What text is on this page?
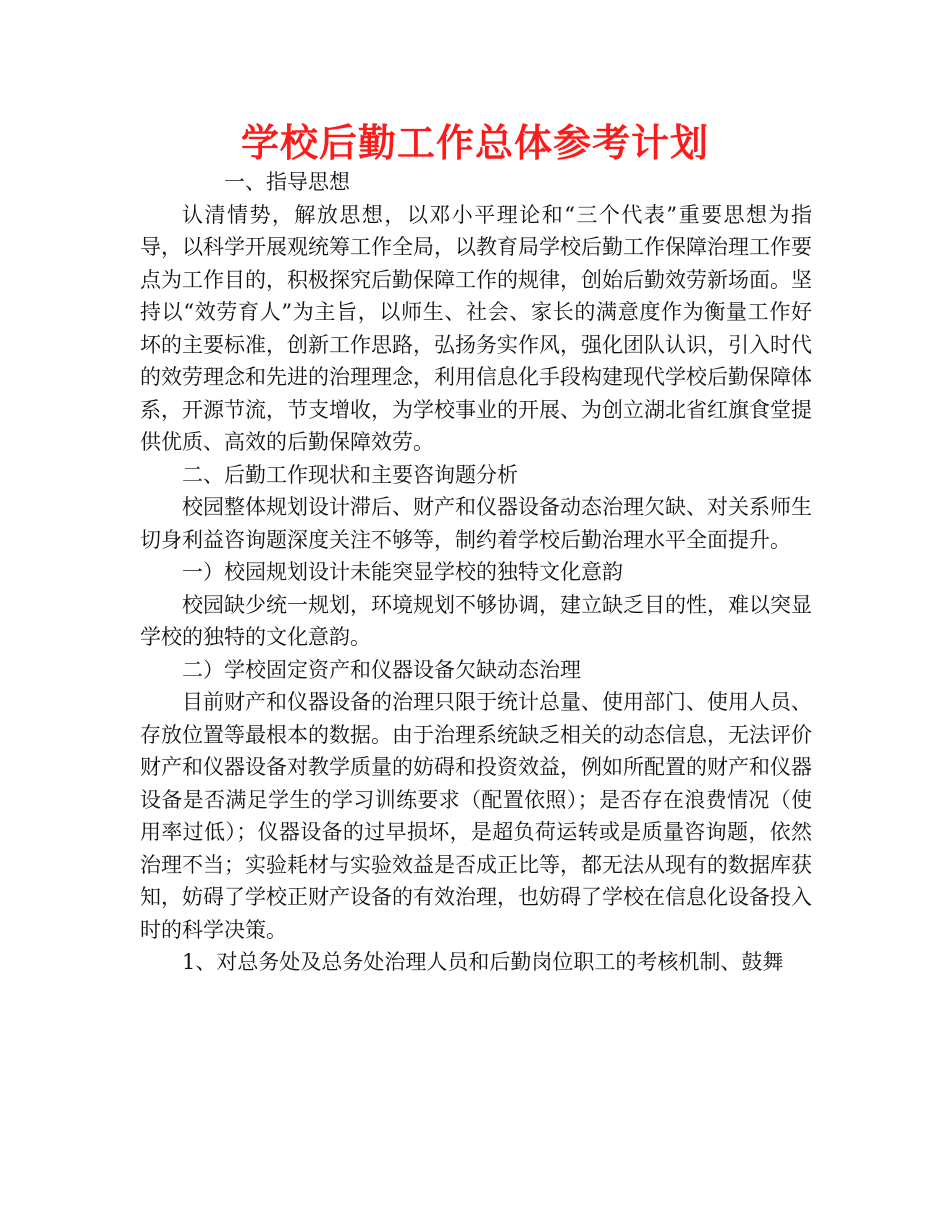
学校后勤工作总体参考计划

一、指导思想

认清情势，解放思想，以邓小平理论和“三个代表”重要思想为指导，以科学开展观统筹工作全局，以教育局学校后勤工作保障治理工作要点为工作目的，积极探究后勤保障工作的规律，创始后勤效劳新场面。坚持以“效劳育人”为主旨，以师生、社会、家长的满意度作为衡量工作好坏的主要标准，创新工作思路，弘扬务实作风，强化团队认识，引入时代的效劳理念和先进的治理理念，利用信息化手段构建现代学校后勤保障体系，开源节流，节支增收，为学校事业的开展、为创立湖北省红旗食堂提供优质、高效的后勤保障效劳。

二、后勤工作现状和主要咨询题分析

校园整体规划设计滞后、财产和仪器设备动态治理欠缺、对关系师生切身利益咨询题深度关注不够等，制约着学校后勤治理水平全面提升。

一）校园规划设计未能突显学校的独特文化意韵

校园缺少统一规划，环境规划不够协调，建立缺乏目的性，难以突显学校的独特的文化意韵。

二）学校固定资产和仪器设备欠缺动态治理

目前财产和仪器设备的治理只限于统计总量、使用部门、使用人员、存放位置等最根本的数据。由于治理系统缺乏相关的动态信息，无法评价财产和仪器设备对教学质量的妨碍和投资效益，例如所配置的财产和仪器设备是否满足学生的学习训练要求（配置依照）；是否存在浪费情况（使用率过低）；仪器设备的过早损坏，是超负荷运转或是质量咨询题，依然治理不当；实验耗材与实验效益是否成正比等，都无法从现有的数据库获知，妨碍了学校正财产设备的有效治理，也妨碍了学校在信息化设备投入时的科学决策。

1、对总务处及总务处治理人员和后勤岗位职工的考核机制、鼓舞
